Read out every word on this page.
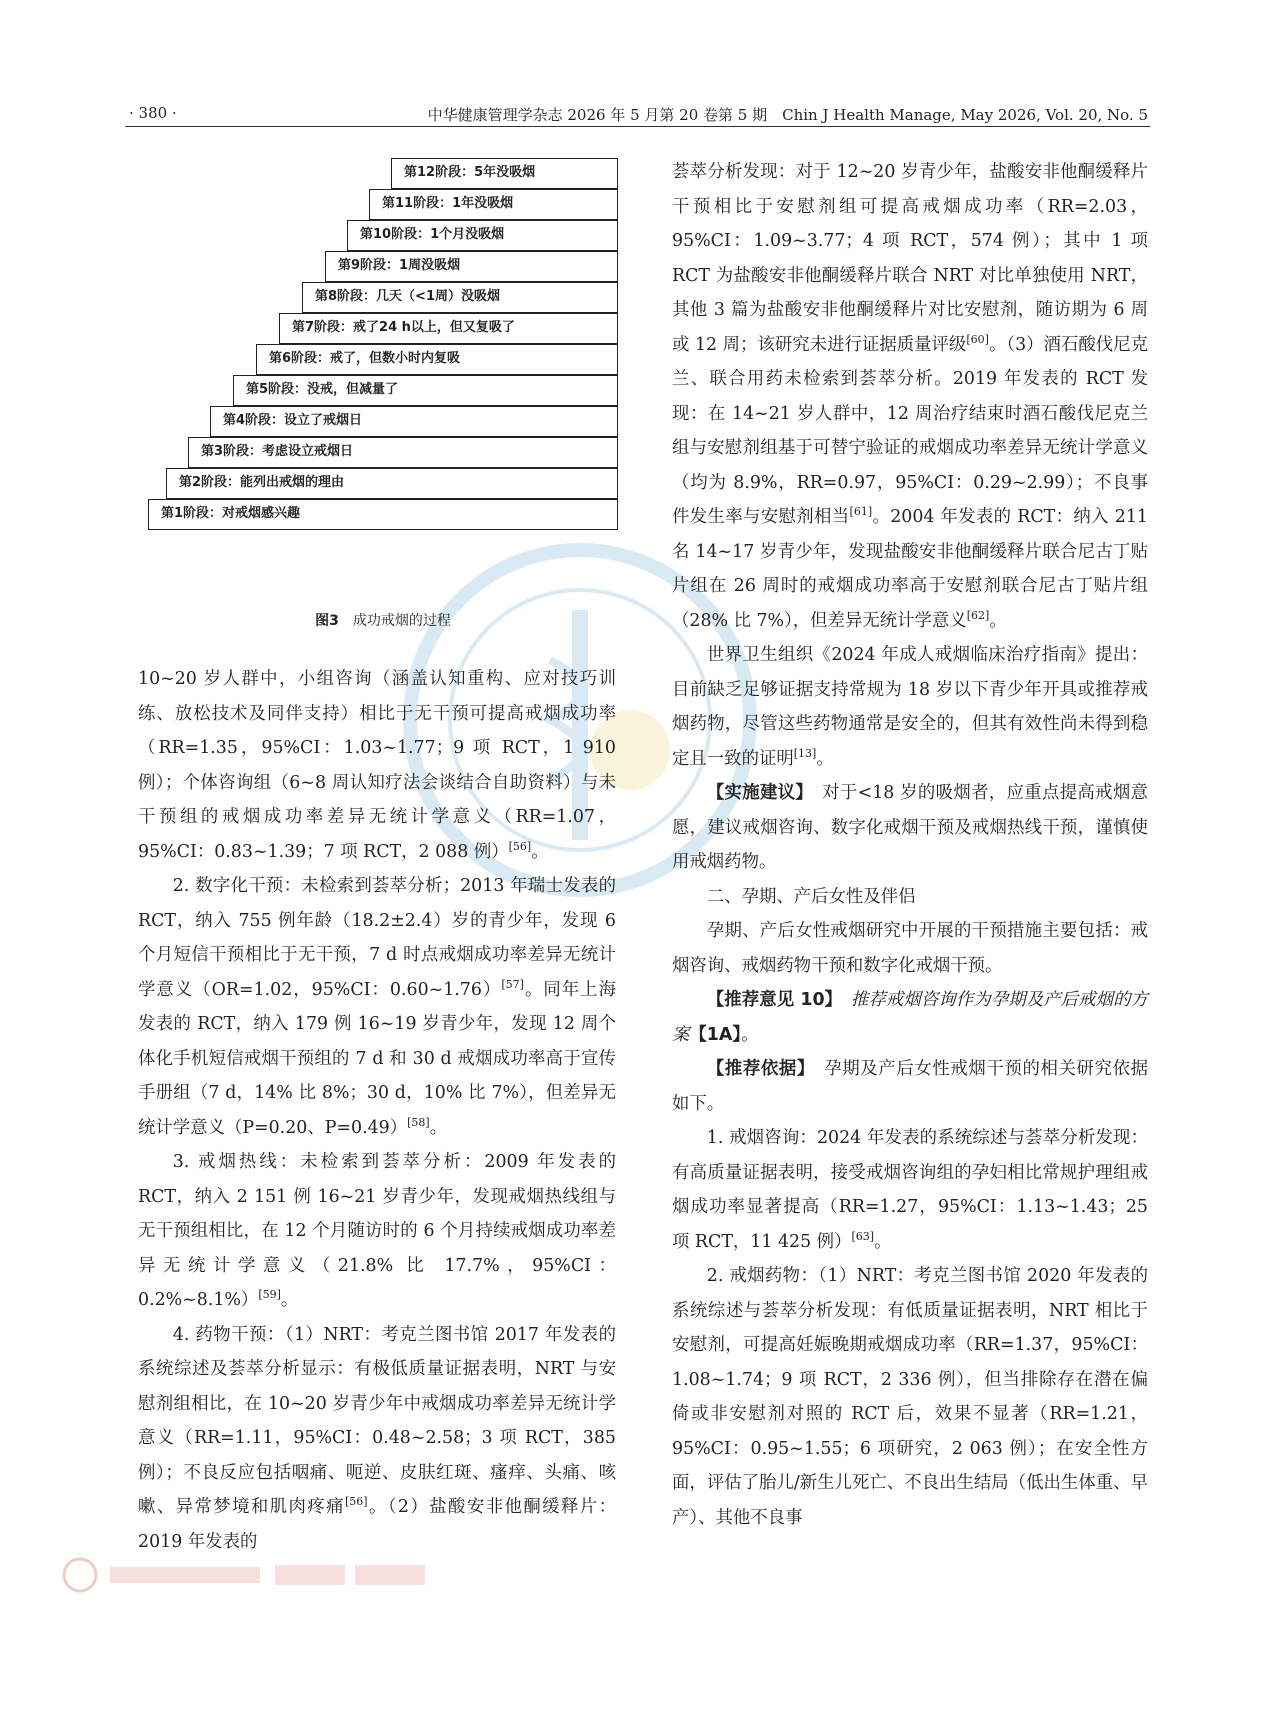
· 380 ·	中华健康管理学杂志 2026 年 5 月第 20 卷第 5 期　Chin J Health Manage, May 2026, Vol. 20, No. 5
第12阶段：5年没吸烟
第11阶段：1年没吸烟
第10阶段：1个月没吸烟
第9阶段：1周没吸烟
第8阶段：几天（<1周）没吸烟
第7阶段：戒了24 h以上，但又复吸了
第6阶段：戒了，但数小时内复吸
第5阶段：没戒，但减量了
第4阶段：设立了戒烟日
第3阶段：考虑设立戒烟日
第2阶段：能列出戒烟的理由
第1阶段：对戒烟感兴趣
图3 成功戒烟的过程

10~20 岁人群中，小组咨询（涵盖认知重构、应对技巧训练、放松技术及同伴支持）相比于无干预可提高戒烟成功率（RR=1.35，95%CI：1.03~1.77；9 项 RCT，1 910 例）；个体咨询组（6~8 周认知疗法会谈结合自助资料）与未干预组的戒烟成功率差异无统计学意义（RR=1.07，95%CI：0.83~1.39；7 项 RCT，2 088 例）[56]。

2. 数字化干预：未检索到荟萃分析；2013 年瑞士发表的 RCT，纳入 755 例年龄（18.2±2.4）岁的青少年，发现 6 个月短信干预相比于无干预，7 d 时点戒烟成功率差异无统计学意义（OR=1.02，95%CI：0.60~1.76）[57]。同年上海发表的 RCT，纳入 179 例 16~19 岁青少年，发现 12 周个体化手机短信戒烟干预组的 7 d 和 30 d 戒烟成功率高于宣传手册组（7 d，14% 比 8%；30 d，10% 比 7%），但差异无统计学意义（P=0.20、P=0.49）[58]。

3. 戒烟热线：未检索到荟萃分析：2009 年发表的 RCT，纳入 2 151 例 16~21 岁青少年，发现戒烟热线组与无干预组相比，在 12 个月随访时的 6 个月持续戒烟成功率差异无统计学意义（21.8% 比 17.7%，95%CI：0.2%~8.1%）[59]。

4. 药物干预：（1）NRT：考克兰图书馆 2017 年发表的系统综述及荟萃分析显示：有极低质量证据表明，NRT 与安慰剂组相比，在 10~20 岁青少年中戒烟成功率差异无统计学意义（RR=1.11，95%CI：0.48~2.58；3 项 RCT，385 例）；不良反应包括咽痛、呃逆、皮肤红斑、瘙痒、头痛、咳嗽、异常梦境和肌肉疼痛[56]。（2）盐酸安非他酮缓释片：2019 年发表的

荟萃分析发现：对于 12~20 岁青少年，盐酸安非他酮缓释片干预相比于安慰剂组可提高戒烟成功率（RR=2.03，95%CI：1.09~3.77；4 项 RCT，574 例）；其中 1 项 RCT 为盐酸安非他酮缓释片联合 NRT 对比单独使用 NRT，其他 3 篇为盐酸安非他酮缓释片对比安慰剂，随访期为 6 周或 12 周；该研究未进行证据质量评级[60]。（3）酒石酸伐尼克兰、联合用药未检索到荟萃分析。2019 年发表的 RCT 发现：在 14~21 岁人群中，12 周治疗结束时酒石酸伐尼克兰组与安慰剂组基于可替宁验证的戒烟成功率差异无统计学意义（均为 8.9%，RR=0.97，95%CI：0.29~2.99）；不良事件发生率与安慰剂相当[61]。2004 年发表的 RCT：纳入 211 名 14~17 岁青少年，发现盐酸安非他酮缓释片联合尼古丁贴片组在 26 周时的戒烟成功率高于安慰剂联合尼古丁贴片组（28% 比 7%），但差异无统计学意义[62]。

世界卫生组织《2024 年成人戒烟临床治疗指南》提出：目前缺乏足够证据支持常规为 18 岁以下青少年开具或推荐戒烟药物，尽管这些药物通常是安全的，但其有效性尚未得到稳定且一致的证明[13]。

【实施建议】　对于<18 岁的吸烟者，应重点提高戒烟意愿，建议戒烟咨询、数字化戒烟干预及戒烟热线干预，谨慎使用戒烟药物。

二、孕期、产后女性及伴侣

孕期、产后女性戒烟研究中开展的干预措施主要包括：戒烟咨询、戒烟药物干预和数字化戒烟干预。

【推荐意见 10】　推荐戒烟咨询作为孕期及产后戒烟的方案【1A】。

【推荐依据】　孕期及产后女性戒烟干预的相关研究依据如下。

1. 戒烟咨询：2024 年发表的系统综述与荟萃分析发现：有高质量证据表明，接受戒烟咨询组的孕妇相比常规护理组戒烟成功率显著提高（RR=1.27，95%CI：1.13~1.43；25 项 RCT，11 425 例）[63]。

2. 戒烟药物：（1）NRT：考克兰图书馆 2020 年发表的系统综述与荟萃分析发现：有低质量证据表明，NRT 相比于安慰剂，可提高妊娠晚期戒烟成功率（RR=1.37，95%CI：1.08~1.74；9 项 RCT，2 336 例），但当排除存在潜在偏倚或非安慰剂对照的 RCT 后，效果不显著（RR=1.21，95%CI：0.95~1.55；6 项研究，2 063 例）；在安全性方面，评估了胎儿/新生儿死亡、不良出生结局（低出生体重、早产）、其他不良事
